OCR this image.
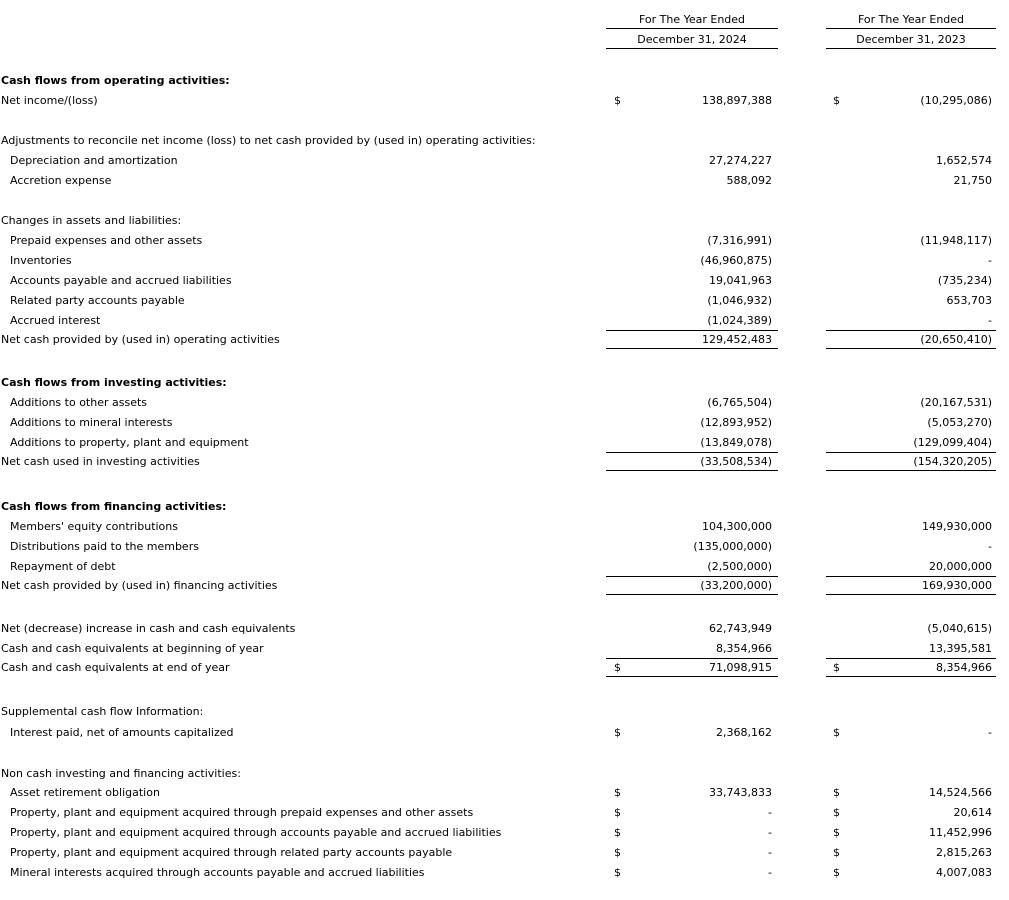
For The Year Ended
December 31, 2024
For The Year Ended
December 31, 2023
Cash flows from operating activities:
Net income/(loss)	$	138,897,388	$	(10,295,086)
Adjustments to reconcile net income (loss) to net cash provided by (used in) operating activities:
Depreciation and amortization	27,274,227	1,652,574
Accretion expense	588,092	21,750
Changes in assets and liabilities:
Prepaid expenses and other assets	(7,316,991)	(11,948,117)
Inventories	(46,960,875)	-
Accounts payable and accrued liabilities	19,041,963	(735,234)
Related party accounts payable	(1,046,932)	653,703
Accrued interest	(1,024,389)	-
Net cash provided by (used in) operating activities	129,452,483	(20,650,410)
Cash flows from investing activities:
Additions to other assets	(6,765,504)	(20,167,531)
Additions to mineral interests	(12,893,952)	(5,053,270)
Additions to property, plant and equipment	(13,849,078)	(129,099,404)
Net cash used in investing activities	(33,508,534)	(154,320,205)
Cash flows from financing activities:
Members' equity contributions	104,300,000	149,930,000
Distributions paid to the members	(135,000,000)	-
Repayment of debt	(2,500,000)	20,000,000
Net cash provided by (used in) financing activities	(33,200,000)	169,930,000
Net (decrease) increase in cash and cash equivalents	62,743,949	(5,040,615)
Cash and cash equivalents at beginning of year	8,354,966	13,395,581
Cash and cash equivalents at end of year	$	71,098,915	$	8,354,966
Supplemental cash flow Information:
Interest paid, net of amounts capitalized	$	2,368,162	$	-
Non cash investing and financing activities:
Asset retirement obligation	$	33,743,833	$	14,524,566
Property, plant and equipment acquired through prepaid expenses and other assets	$	-	$	20,614
Property, plant and equipment acquired through accounts payable and accrued liabilities	$	-	$	11,452,996
Property, plant and equipment acquired through related party accounts payable	$	-	$	2,815,263
Mineral interests acquired through accounts payable and accrued liabilities	$	-	$	4,007,083
